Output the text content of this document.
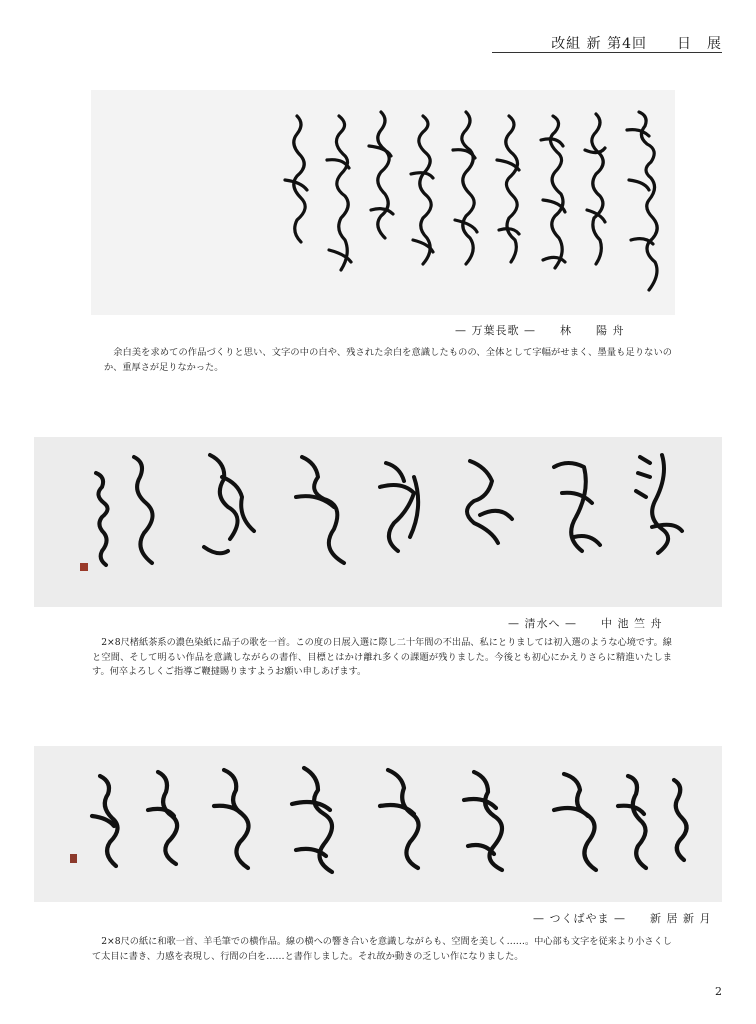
改組 新 第4回　　日　展
— 万葉長歌 —　　林　　陽 舟
余白美を求めての作品づくりと思い、文字の中の白や、残された余白を意識したものの、全体として字幅がせまく、墨量も足りないのか、重厚さが足りなかった。
— 清水へ —　　中 池 竺 舟
2×8尺楮紙茶系の濃色染紙に晶子の歌を一首。この度の日展入選に際し二十年間の不出品、私にとりましては初入選のような心境です。線と空間、そして明るい作品を意識しながらの書作、目標とはかけ離れ多くの課題が残りました。今後とも初心にかえりさらに精進いたします。何卒よろしくご指導ご鞭撻賜りますようお願い申しあげます。
— つくばやま —　　新 居 新 月
2×8尺の紙に和歌一首、羊毛筆での横作品。線の横への響き合いを意識しながらも、空間を美しく……。中心部も文字を従来より小さくして太目に書き、力感を表現し、行間の白を……と書作しました。それ故か動きの乏しい作になりました。
2
